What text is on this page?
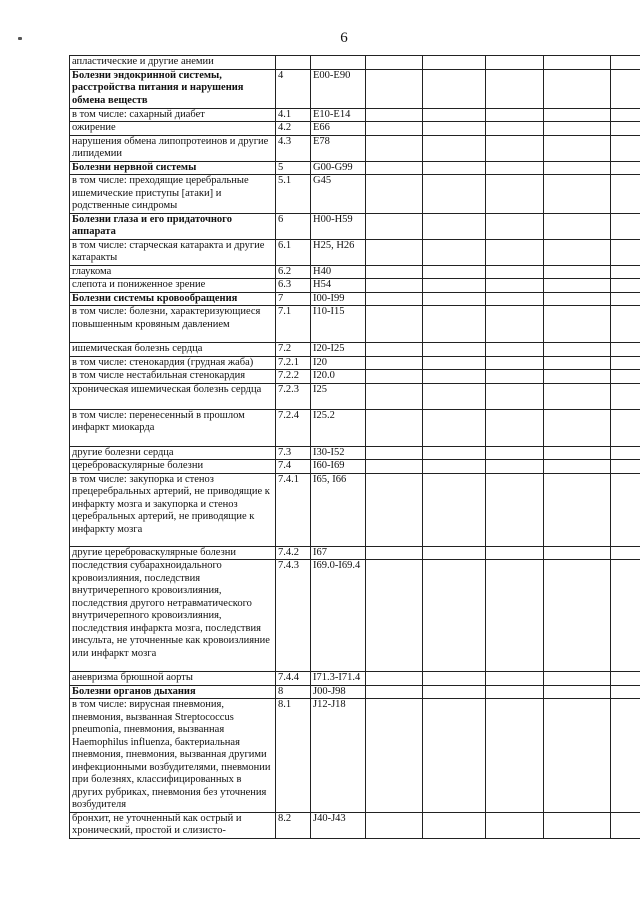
6
апластические и другие анемии							
Болезни эндокринной системы, расстройства питания и нарушения обмена веществ	4	E00-E90					
в том числе: сахарный диабет	4.1	E10-E14					
ожирение	4.2	E66					
нарушения обмена липопротеинов и другие липидемии	4.3	E78					
Болезни нервной системы	5	G00-G99					
в том числе: преходящие церебральные ишемические приступы [атаки] и родственные синдромы	5.1	G45					
Болезни глаза и его придаточного аппарата	6	H00-H59					
в том числе: старческая катаракта и другие катаракты	6.1	H25, H26					
глаукома	6.2	H40					
слепота и пониженное зрение	6.3	H54					
Болезни системы кровообращения	7	I00-I99					
в том числе: болезни, характеризующиеся повышенным кровяным давлением	7.1	I10-I15					
ишемическая болезнь сердца	7.2	I20-I25					
в том числе: стенокардия (грудная жаба)	7.2.1	I20					
в том числе нестабильная стенокардия	7.2.2	I20.0					
хроническая ишемическая болезнь сердца	7.2.3	I25					
в том числе: перенесенный в прошлом инфаркт миокарда	7.2.4	I25.2					
другие болезни сердца	7.3	I30-I52					
цереброваскулярные болезни	7.4	I60-I69					
в том числе: закупорка и стеноз прецеребральных артерий, не приводящие к инфаркту мозга и закупорка и стеноз церебральных артерий, не приводящие к инфаркту мозга	7.4.1	I65, I66					
другие цереброваскулярные болезни	7.4.2	I67					
последствия субарахноидального кровоизлияния, последствия внутричерепного кровоизлияния, последствия другого нетравматического внутричерепного кровоизлияния, последствия инфаркта мозга, последствия инсульта, не уточненные как кровоизлияние или инфаркт мозга	7.4.3	I69.0-I69.4					
аневризма брюшной аорты	7.4.4	I71.3-I71.4					
Болезни органов дыхания	8	J00-J98					
в том числе: вирусная пневмония, пневмония, вызванная Streptococcus pneumonia, пневмония, вызванная Haemophilus influenza, бактериальная пневмония, пневмония, вызванная другими инфекционными возбудителями, пневмонии при болезнях, классифицированных в других рубриках, пневмония без уточнения возбудителя	8.1	J12-J18					
бронхит, не уточненный как острый и хронический, простой и слизисто-	8.2	J40-J43					
